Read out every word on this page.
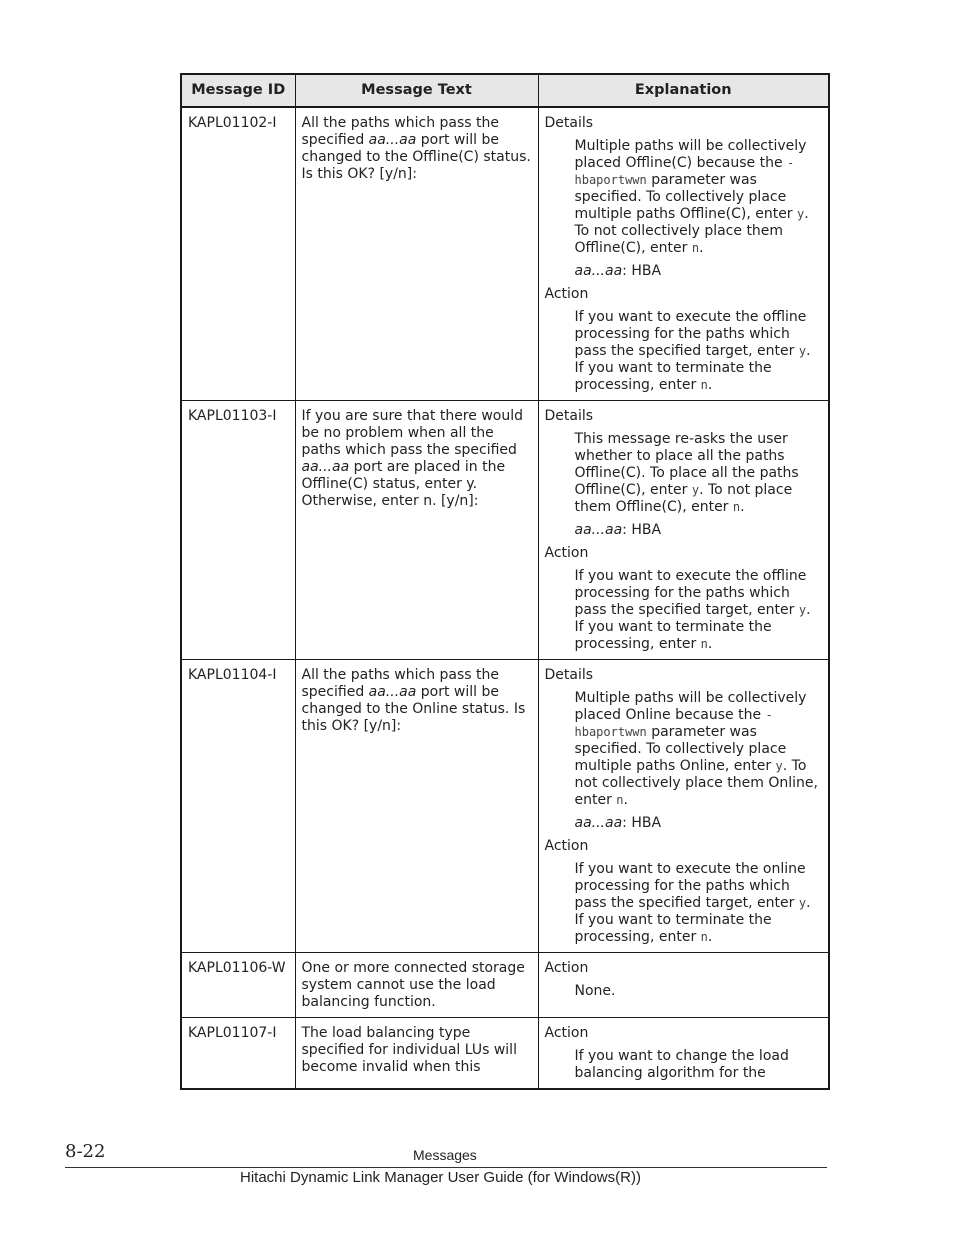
Message ID	Message Text	Explanation
KAPL01102-I	All the paths which pass the specified aa...aa port will be changed to the Offline(C) status. Is this OK? [y/n]:	Details

Multiple paths will be collectively placed Offline(C) because the -hbaportwwn parameter was specified. To collectively place multiple paths Offline(C), enter y. To not collectively place them Offline(C), enter n.

aa...aa: HBA

Action

If you want to execute the offline processing for the paths which pass the specified target, enter y. If you want to terminate the processing, enter n.

KAPL01103-I	If you are sure that there would be no problem when all the paths which pass the specified aa...aa port are placed in the Offline(C) status, enter y. Otherwise, enter n. [y/n]:	Details

This message re-asks the user whether to place all the paths Offline(C). To place all the paths Offline(C), enter y. To not place them Offline(C), enter n.

aa...aa: HBA

Action

If you want to execute the offline processing for the paths which pass the specified target, enter y. If you want to terminate the processing, enter n.

KAPL01104-I	All the paths which pass the specified aa...aa port will be changed to the Online status. Is this OK? [y/n]:	Details

Multiple paths will be collectively placed Online because the -hbaportwwn parameter was specified. To collectively place multiple paths Online, enter y. To not collectively place them Online, enter n.

aa...aa: HBA

Action

If you want to execute the online processing for the paths which pass the specified target, enter y. If you want to terminate the processing, enter n.

KAPL01106-W	One or more connected storage system cannot use the load balancing function.	Action

None.

KAPL01107-I	The load balancing type specified for individual LUs will become invalid when this	Action

If you want to change the load balancing algorithm for the

8-22	Messages
Hitachi Dynamic Link Manager User Guide (for Windows(R))
